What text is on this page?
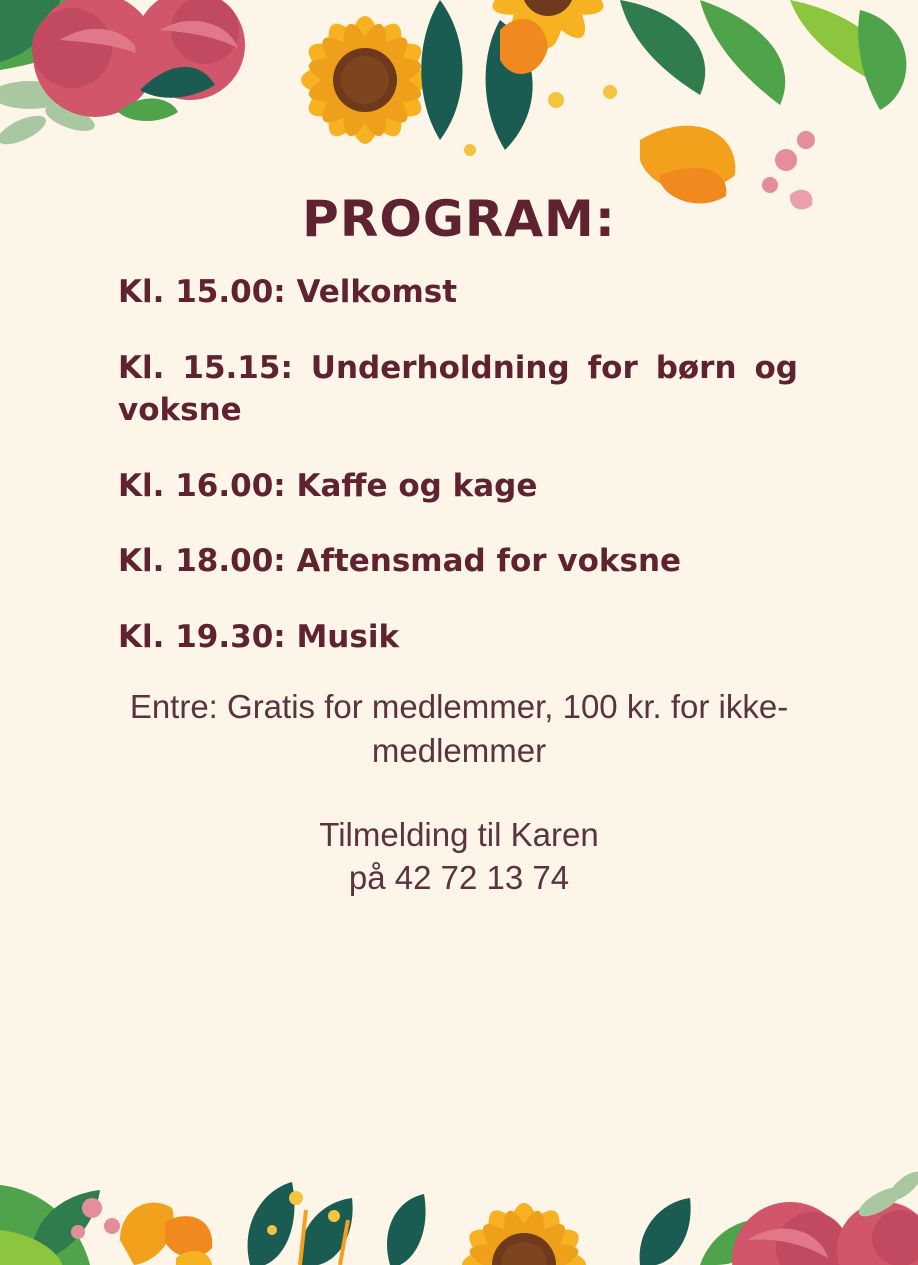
PROGRAM:
Kl. 15.00: Velkomst
Kl. 15.15: Underholdning for børn og voksne
Kl. 16.00: Kaffe og kage
Kl. 18.00: Aftensmad for voksne
Kl. 19.30: Musik

Entre: Gratis for medlemmer, 100 kr. for ikke-medlemmer

Tilmelding til Karen
på 42 72 13 74
